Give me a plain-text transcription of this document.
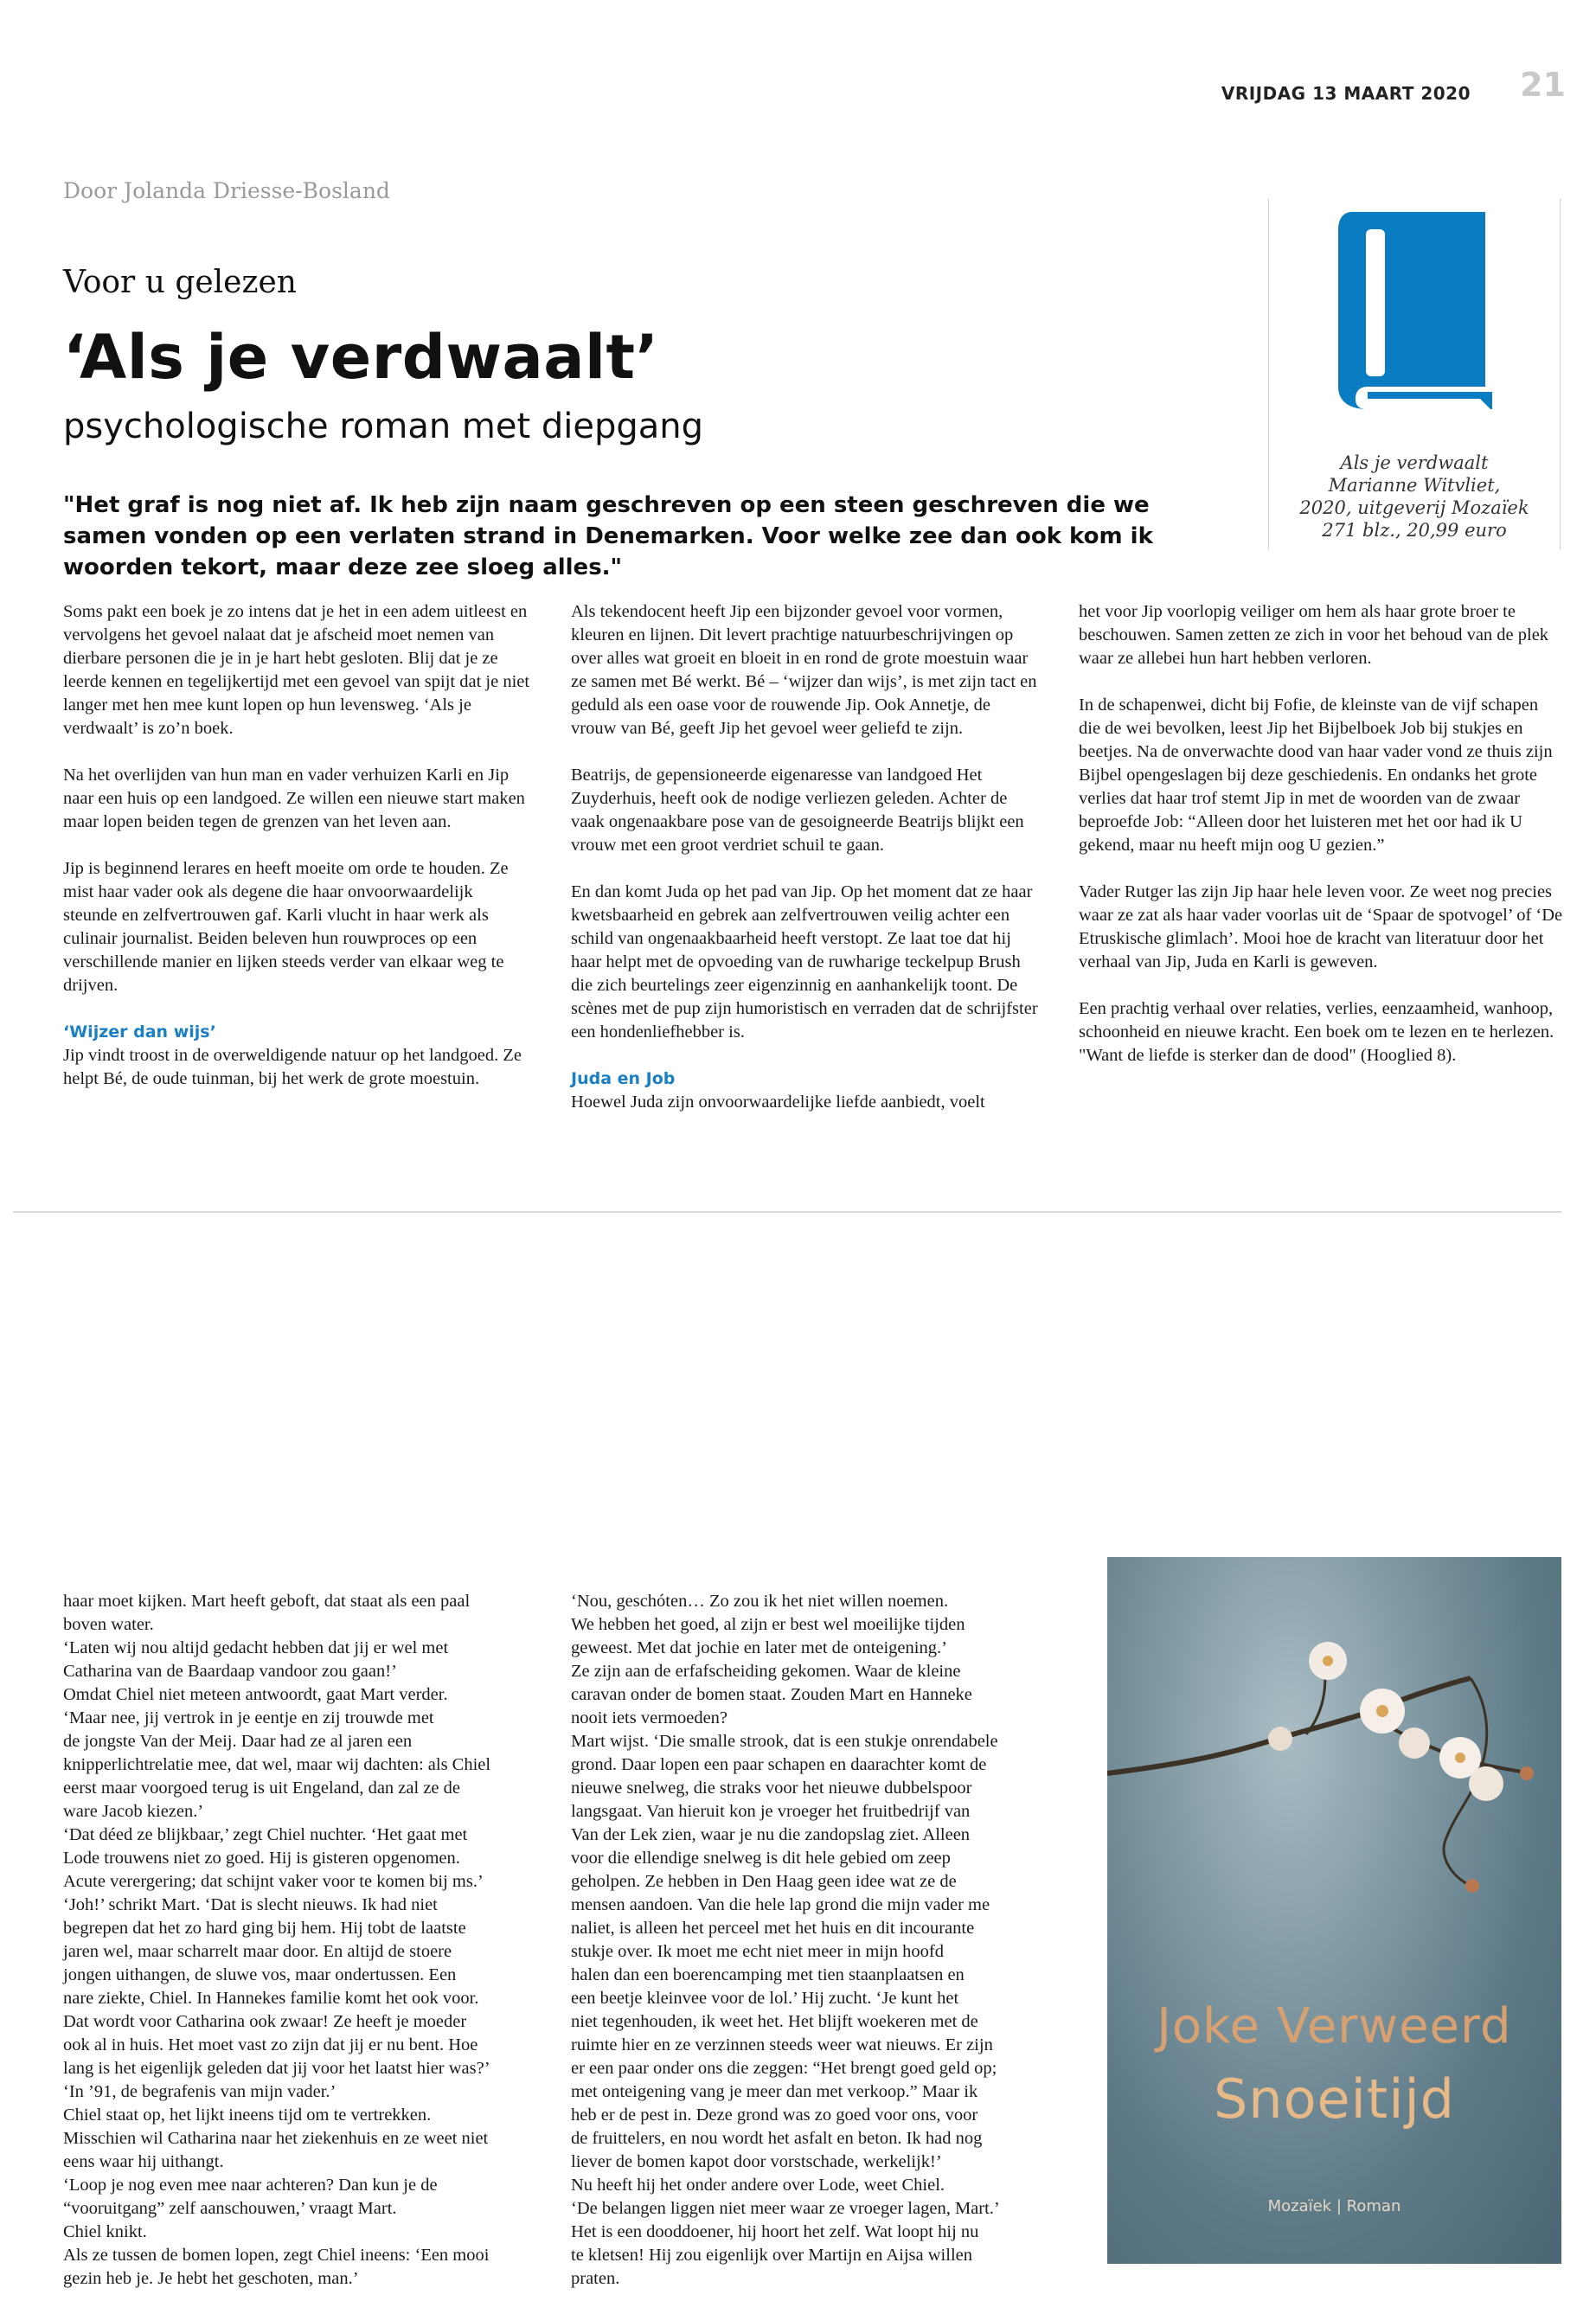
VRIJDAG 13 MAART 2020	21
Door Jolanda Driesse-Bosland
Voor u gelezen
‘Als je verdwaalt’
psychologische roman met diepgang
"Het graf is nog niet af. Ik heb zijn naam geschreven op een steen geschreven die we samen vonden op een verlaten strand in Denemarken. Voor welke zee dan ook kom ik woorden tekort, maar deze zee sloeg alles."
Als je verdwaalt
Marianne Witvliet,
2020, uitgeverij Mozaïek
271 blz., 20,99 euro

Soms pakt een boek je zo intens dat je het in een adem uitleest en vervolgens het gevoel nalaat dat je afscheid moet nemen van dierbare personen die je in je hart hebt gesloten. Blij dat je ze leerde kennen en tegelijkertijd met een gevoel van spijt dat je niet langer met hen mee kunt lopen op hun levensweg. ‘Als je verdwaalt’ is zo’n boek.

Na het overlijden van hun man en vader verhuizen Karli en Jip naar een huis op een landgoed. Ze willen een nieuwe start maken maar lopen beiden tegen de grenzen van het leven aan.

Jip is beginnend lerares en heeft moeite om orde te houden. Ze mist haar vader ook als degene die haar onvoorwaardelijk steunde en zelfvertrouwen gaf. Karli vlucht in haar werk als culinair journalist. Beiden beleven hun rouwproces op een verschillende manier en lijken steeds verder van elkaar weg te drijven.

‘Wijzer dan wijs’

Jip vindt troost in de overweldigende natuur op het landgoed. Ze helpt Bé, de oude tuinman, bij het werk de grote moestuin.

Als tekendocent heeft Jip een bijzonder gevoel voor vormen, kleuren en lijnen. Dit levert prachtige natuurbeschrijvingen op over alles wat groeit en bloeit in en rond de grote moestuin waar ze samen met Bé werkt. Bé – ‘wijzer dan wijs’, is met zijn tact en geduld als een oase voor de rouwende Jip. Ook Annetje, de vrouw van Bé, geeft Jip het gevoel weer geliefd te zijn.

Beatrijs, de gepensioneerde eigenaresse van landgoed Het Zuyderhuis, heeft ook de nodige verliezen geleden. Achter de vaak ongenaakbare pose van de gesoigneerde Beatrijs blijkt een vrouw met een groot verdriet schuil te gaan.

En dan komt Juda op het pad van Jip. Op het moment dat ze haar kwetsbaarheid en gebrek aan zelfvertrouwen veilig achter een schild van ongenaakbaarheid heeft verstopt. Ze laat toe dat hij haar helpt met de opvoeding van de ruwharige teckelpup Brush die zich beurtelings zeer eigenzinnig en aanhankelijk toont. De scènes met de pup zijn humoristisch en verraden dat de schrijfster een hondenliefhebber is.

Juda en Job

Hoewel Juda zijn onvoorwaardelijke liefde aanbiedt, voelt

het voor Jip voorlopig veiliger om hem als haar grote broer te beschouwen. Samen zetten ze zich in voor het behoud van de plek waar ze allebei hun hart hebben verloren.

In de schapenwei, dicht bij Fofie, de kleinste van de vijf schapen die de wei bevolken, leest Jip het Bijbelboek Job bij stukjes en beetjes. Na de onverwachte dood van haar vader vond ze thuis zijn Bijbel opengeslagen bij deze geschiedenis. En ondanks het grote verlies dat haar trof stemt Jip in met de woorden van de zwaar beproefde Job: “Alleen door het luisteren met het oor had ik U gekend, maar nu heeft mijn oog U gezien.”

Vader Rutger las zijn Jip haar hele leven voor. Ze weet nog precies waar ze zat als haar vader voorlas uit de ‘Spaar de spotvogel’ of ‘De Etruskische glimlach’. Mooi hoe de kracht van literatuur door het verhaal van Jip, Juda en Karli is geweven.

Een prachtig verhaal over relaties, verlies, eenzaamheid, wanhoop, schoonheid en nieuwe kracht. Een boek om te lezen en te herlezen. "Want de liefde is sterker dan de dood" (Hooglied 8).

haar moet kijken. Mart heeft geboft, dat staat als een paal

boven water.

‘Laten wij nou altijd gedacht hebben dat jij er wel met

Catharina van de Baardaap vandoor zou gaan!’

Omdat Chiel niet meteen antwoordt, gaat Mart verder.

‘Maar nee, jij vertrok in je eentje en zij trouwde met

de jongste Van der Meij. Daar had ze al jaren een

knipperlichtrelatie mee, dat wel, maar wij dachten: als Chiel

eerst maar voorgoed terug is uit Engeland, dan zal ze de

ware Jacob kiezen.’

‘Dat déed ze blijkbaar,’ zegt Chiel nuchter. ‘Het gaat met

Lode trouwens niet zo goed. Hij is gisteren opgenomen.

Acute verergering; dat schijnt vaker voor te komen bij ms.’

‘Joh!’ schrikt Mart. ‘Dat is slecht nieuws. Ik had niet

begrepen dat het zo hard ging bij hem. Hij tobt de laatste

jaren wel, maar scharrelt maar door. En altijd de stoere

jongen uithangen, de sluwe vos, maar ondertussen. Een

nare ziekte, Chiel. In Hannekes familie komt het ook voor.

Dat wordt voor Catharina ook zwaar! Ze heeft je moeder

ook al in huis. Het moet vast zo zijn dat jij er nu bent. Hoe

lang is het eigenlijk geleden dat jij voor het laatst hier was?’

‘In ’91, de begrafenis van mijn vader.’

Chiel staat op, het lijkt ineens tijd om te vertrekken.

Misschien wil Catharina naar het ziekenhuis en ze weet niet

eens waar hij uithangt.

‘Loop je nog even mee naar achteren? Dan kun je de

“vooruitgang” zelf aanschouwen,’ vraagt Mart.

Chiel knikt.

Als ze tussen de bomen lopen, zegt Chiel ineens: ‘Een mooi

gezin heb je. Je hebt het geschoten, man.’

‘Nou, geschóten… Zo zou ik het niet willen noemen.

We hebben het goed, al zijn er best wel moeilijke tijden

geweest. Met dat jochie en later met de onteigening.’

Ze zijn aan de erfafscheiding gekomen. Waar de kleine

caravan onder de bomen staat. Zouden Mart en Hanneke

nooit iets vermoeden?

Mart wijst. ‘Die smalle strook, dat is een stukje onrendabele

grond. Daar lopen een paar schapen en daarachter komt de

nieuwe snelweg, die straks voor het nieuwe dubbelspoor

langsgaat. Van hieruit kon je vroeger het fruitbedrijf van

Van der Lek zien, waar je nu die zandopslag ziet. Alleen

voor die ellendige snelweg is dit hele gebied om zeep

geholpen. Ze hebben in Den Haag geen idee wat ze de

mensen aandoen. Van die hele lap grond die mijn vader me

naliet, is alleen het perceel met het huis en dit incourante

stukje over. Ik moet me echt niet meer in mijn hoofd

halen dan een boerencamping met tien staanplaatsen en

een beetje kleinvee voor de lol.’ Hij zucht. ‘Je kunt het

niet tegenhouden, ik weet het. Het blijft woekeren met de

ruimte hier en ze verzinnen steeds weer wat nieuws. Er zijn

er een paar onder ons die zeggen: “Het brengt goed geld op;

met onteigening vang je meer dan met verkoop.” Maar ik

heb er de pest in. Deze grond was zo goed voor ons, voor

de fruittelers, en nou wordt het asfalt en beton. Ik had nog

liever de bomen kapot door vorstschade, werkelijk!’

Nu heeft hij het onder andere over Lode, weet Chiel.

‘De belangen liggen niet meer waar ze vroeger lagen, Mart.’

Het is een dooddoener, hij hoort het zelf. Wat loopt hij nu

te kletsen! Hij zou eigenlijk over Martijn en Aijsa willen

praten.

Joke Verweerd
Snoeitijd
Mozaïek | Roman
